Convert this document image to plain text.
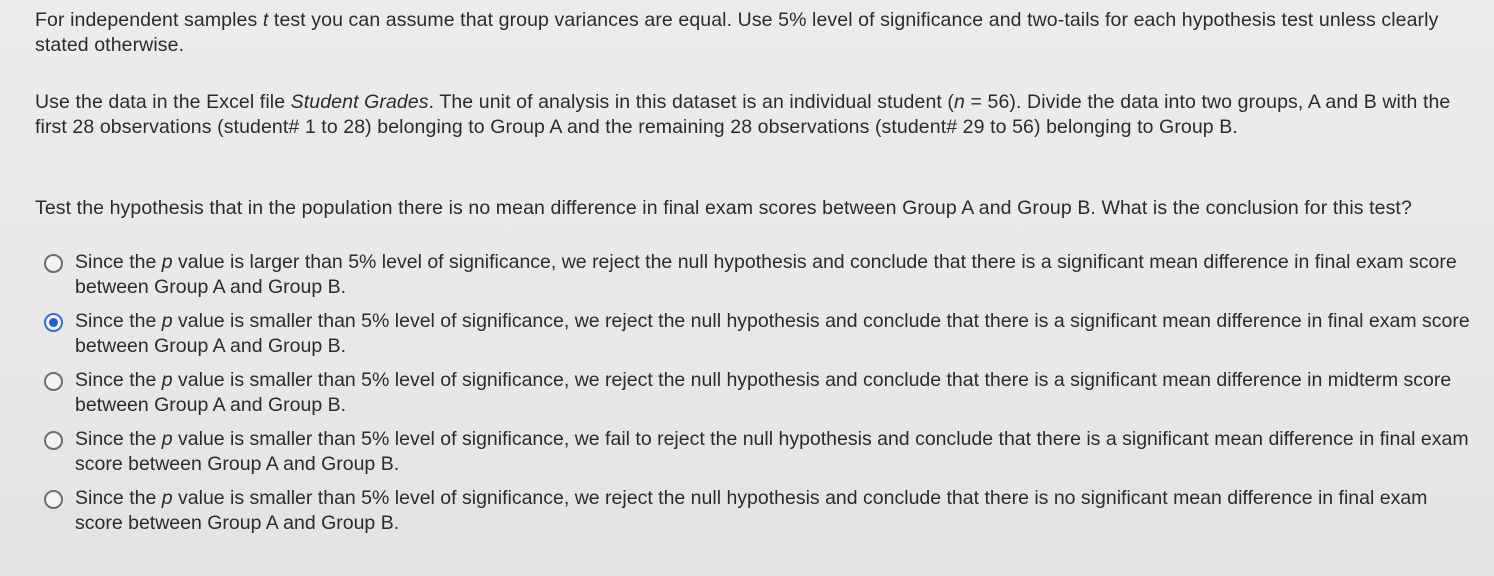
For independent samples t test you can assume that group variances are equal. Use 5% level of significance and two-tails for each hypothesis test unless clearly stated otherwise.
Use the data in the Excel file Student Grades. The unit of analysis in this dataset is an individual student (n = 56). Divide the data into two groups, A and B with the first 28 observations (student# 1 to 28) belonging to Group A and the remaining 28 observations (student# 29 to 56) belonging to Group B.
Test the hypothesis that in the population there is no mean difference in final exam scores between Group A and Group B. What is the conclusion for this test?
Since the p value is larger than 5% level of significance, we reject the null hypothesis and conclude that there is a significant mean difference in final exam score between Group A and Group B.
Since the p value is smaller than 5% level of significance, we reject the null hypothesis and conclude that there is a significant mean difference in final exam score between Group A and Group B.
Since the p value is smaller than 5% level of significance, we reject the null hypothesis and conclude that there is a significant mean difference in midterm score between Group A and Group B.
Since the p value is smaller than 5% level of significance, we fail to reject the null hypothesis and conclude that there is a significant mean difference in final exam score between Group A and Group B.
Since the p value is smaller than 5% level of significance, we reject the null hypothesis and conclude that there is no significant mean difference in final exam score between Group A and Group B.
